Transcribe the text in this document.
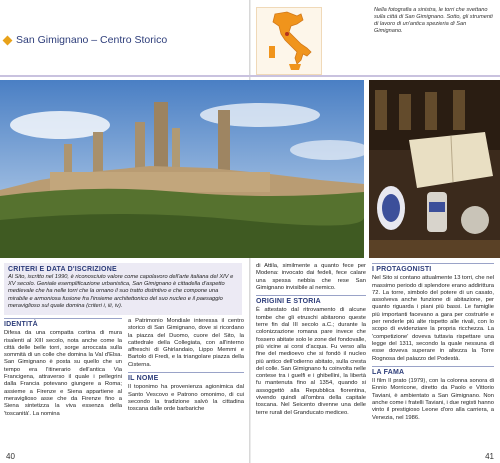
San Gimignano – Centro Storico
Nella fotografia a sinistra, le torri che svettano sulla città di San Gimignano. Sotto, gli strumenti di lavoro di un'antica spezieria di San Gimignano.
CRITERI E DATA D'ISCRIZIONE

Al Sito, iscritto nel 1990, è riconosciuto valore come capolavoro dell'arte italiana del XIV e XV secolo. Geniale esemplificazione urbanistica, San Gimignano è cittadella d'aspetto medievale che ha nelle torri che la ornano il suo tratto distintivo e che compone una mirabile e armoniosa fusione fra l'insieme architettonico del suo nucleo e il paesaggio meraviglioso sul quale domina (criteri i, iii, iv).

IDENTITÀ

Difesa da una compatta cortina di mura risalenti al XIII secolo, nota anche come la città delle belle torri, sorge arroccata sulla sommità di un colle che domina la Val d'Elsa. San Gimignano è posta su quello che un tempo era l'itinerario dell'antica Via Francigena, attraverso il quale i pellegrini dalla Francia potevano giungere a Roma; assieme a Firenze e Siena appartiene al meraviglioso asse che da Firenze fino a Siena sintetizza la viva essenza della 'toscanità'. La nomina

a Patrimonio Mondiale interessa il centro storico di San Gimignano, dove si ricordano la piazza del Duomo, cuore del Sito, la cattedrale della Collegiata, con all'interno affreschi di Ghirlandaio, Lippo Memmi e Bartolo di Fredi, e la triangolare piazza della Cisterna.

IL NOME

Il toponimo ha provenienza agionimica dal Santo Vescovo e Patrono omonimo, di cui secondo la tradizione salvò la cittadina toscana dalle orde barbariche

di Attila, similmente a quanto fece per Modena: invocato dai fedeli, fece calare una spessa nebbia che rese San Gimignano invisibile al nemico.

ORIGINI E STORIA

È attestato dal ritrovamento di alcune tombe che gli etruschi abitarono queste terre fin dal III secolo a.C.; durante la colonizzazione romana pare invece che fossero abitate solo le zone del fondovalle, più vicine ai corsi d'acqua. Fu verso alla fine del medioevo che si fondò il nucleo più antico dell'odierno abitato, sulla cresta del colle. San Gimignano fu coinvolta nelle contese tra i guelfi e i ghibellini, la libertà fu mantenuta fino al 1354, quando si assoggettò alla Repubblica fiorentina, vivendo quindi all'ombra della capitale toscana. Nel Seicento divenne una delle terre rurali del Granducato mediceo.

I PROTAGONISTI

Nel Sito si contano attualmente 13 torri, che nel massimo periodo di splendore erano addirittura 72. La torre, simbolo del potere di un casato, assolveva anche funzione di abitazione, per quanto riguarda i piani più bassi. Le famiglie più importanti facevano a gara per costruirle e per renderle più alte rispetto alle rivali, con lo scopo di evidenziare la propria ricchezza. La 'competizione' doveva tuttavia rispettare una legge del 1311, secondo la quale nessuna di esse doveva superare in altezza la Torre Rognosa del palazzo del Podestà.

LA FAMA

Il film Il prato (1979), con la colonna sonora di Ennio Morricone, diretto da Paolo e Vittorio Taviani, è ambientato a San Gimignano. Non anche come i fratelli Taviani, i due registi hanno vinto il prestigioso Leone d'oro alla carriera, a Venezia, nel 1986.

40	41
